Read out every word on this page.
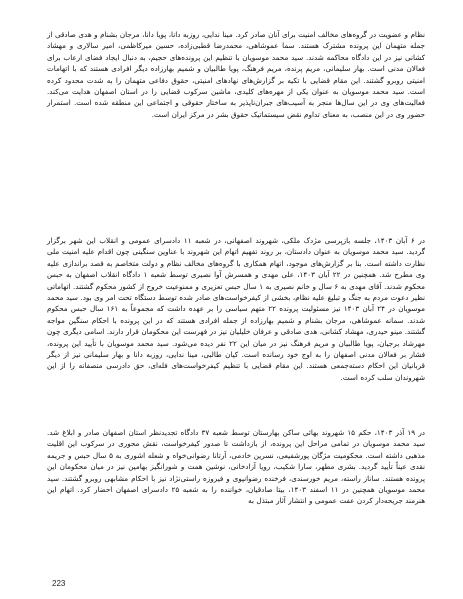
نظام و عضویت در گروه‌های مخالف امنیت برای آنان صادر کرد. مینا ندایی، روزبه دانا، پویا دانا، مرجان بشنام و هدی صادقی از جمله متهمان این پرونده مشترک هستند. سما عموشاهی، محمدرضا قطبی‌زاده، حسین میرکاظمی، امیر سالاری و مهشاد کشانی نیز در این دادگاه محاکمه شدند. سید محمد موسویان با تنظیم این پرونده‌های حجیم، به دنبال ایجاد فضای ارعاب برای فعالان مدنی است. بهار سلیمانی، مریم پرنده، مریم فرهنگ، پویا طالبیان و شمیم بهارزاده دیگر افرادی هستند که با اتهامات امنیتی روبرو گشتند. این مقام قضایی با تکیه بر گزارش‌های نهادهای امنیتی، حقوق دفاعی متهمان را به شدت محدود کرده است. سید محمد موسویان به عنوان یکی از مهره‌های کلیدی، ماشین سرکوب قضایی را در استان اصفهان هدایت می‌کند. فعالیت‌های وی در این سال‌ها منجر به آسیب‌های جبران‌ناپذیر به ساختار حقوقی و اجتماعی این منطقه شده است. استمرار حضور وی در این منصب، به معنای تداوم نقض سیستماتیک حقوق بشر در مرکز ایران است.

در ۶ آبان ۱۴۰۳، جلسه بازپرسی مژدک ملکی، شهروند اصفهانی، در شعبه ۱۱ دادسرای عمومی و انقلاب این شهر برگزار گردید. سید محمد موسویان به عنوان دادستان، بر روند تفهیم اتهام این شهروند با عناوین سنگینی چون اقدام علیه امنیت ملی نظارت داشته است. بنا بر گزارش‌های موجود، اتهام همکاری با گروه‌های مخالف نظام و دولت متخاصم به قصد براندازی علیه وی مطرح شد. همچنین در ۲۲ آبان ۱۴۰۳، علی مهدی و همسرش آوا نصیری توسط شعبه ۱ دادگاه انقلاب اصفهان به حبس محکوم شدند. آقای مهدی به ۶ سال و خانم نصیری به ۱ سال حبس تعزیری و ممنوعیت خروج از کشور محکوم گشتند. اتهاماتی نظیر دعوت مردم به جنگ و تبلیغ علیه نظام، بخشی از کیفرخواست‌های صادر شده توسط دستگاه تحت امر وی بود. سید محمد موسویان در ۲۴ آبان ۱۴۰۳ نیز مسئولیت پرونده ۲۲ متهم سیاسی را بر عهده داشت که مجموعاً به ۱۶۱ سال حبس محکوم شدند. سمانه عموشاهی، مرجان بشنام و شمیم بهارزاده از جمله افرادی هستند که در این پرونده با احکام سنگین مواجه گشتند. مینو حیدری، مهشاد کشانی، هدی صادقی و عرفان خلیلیان نیز در فهرست این محکومان قرار دارند. اسامی دیگری چون مهرشاد برجیان، پویا طالبیان و مریم فرهنگ نیز در میان این ۲۲ نفر دیده می‌شود. سید محمد موسویان با تأیید این پرونده، فشار بر فعالان مدنی اصفهان را به اوج خود رسانده است. کیان طالبی، مینا ندایی، روزبه دانا و بهار سلیمانی نیز از دیگر قربانیان این احکام دسته‌جمعی هستند. این مقام قضایی با تنظیم کیفرخواست‌های فله‌ای، حق دادرسی منصفانه را از این شهروندان سلب کرده است.

در ۱۹ آذر ۱۴۰۳، حکم ۱۵ شهروند بهائی ساکن بهارستان توسط شعبه ۳۷ دادگاه تجدیدنظر استان اصفهان صادر و ابلاغ شد. سید محمد موسویان در تمامی مراحل این پرونده، از بازداشت تا صدور کیفرخواست، نقش محوری در سرکوب این اقلیت مذهبی داشته است. محکومیت مژگان پورشفیعی، نسرین خادمی، آرتانا رضوانی‌خواه و شعله اشوری به ۵ سال حبس و جریمه نقدی عیناً تأیید گردید. بشری مطهر، سارا شکیب، رویا آزادخانی، نوشین همت و شورانگیز بهامین نیز در میان محکومان این پرونده هستند. ساناز راسته، مریم خورسندی، فرخنده رضوانپوی و فیروزه راستی‌نژاد نیز با احکام مشابهی روبرو گشتند. سید محمد موسویان همچنین در ۱۱ اسفند ۱۴۰۳، بیتا صادقیان، خواننده را به شعبه ۲۵ دادسرای اصفهان احضار کرد. اتهام این هنرمند جریحه‌دار کردن عفت عمومی و انتشار آثار مبتذل به

223
